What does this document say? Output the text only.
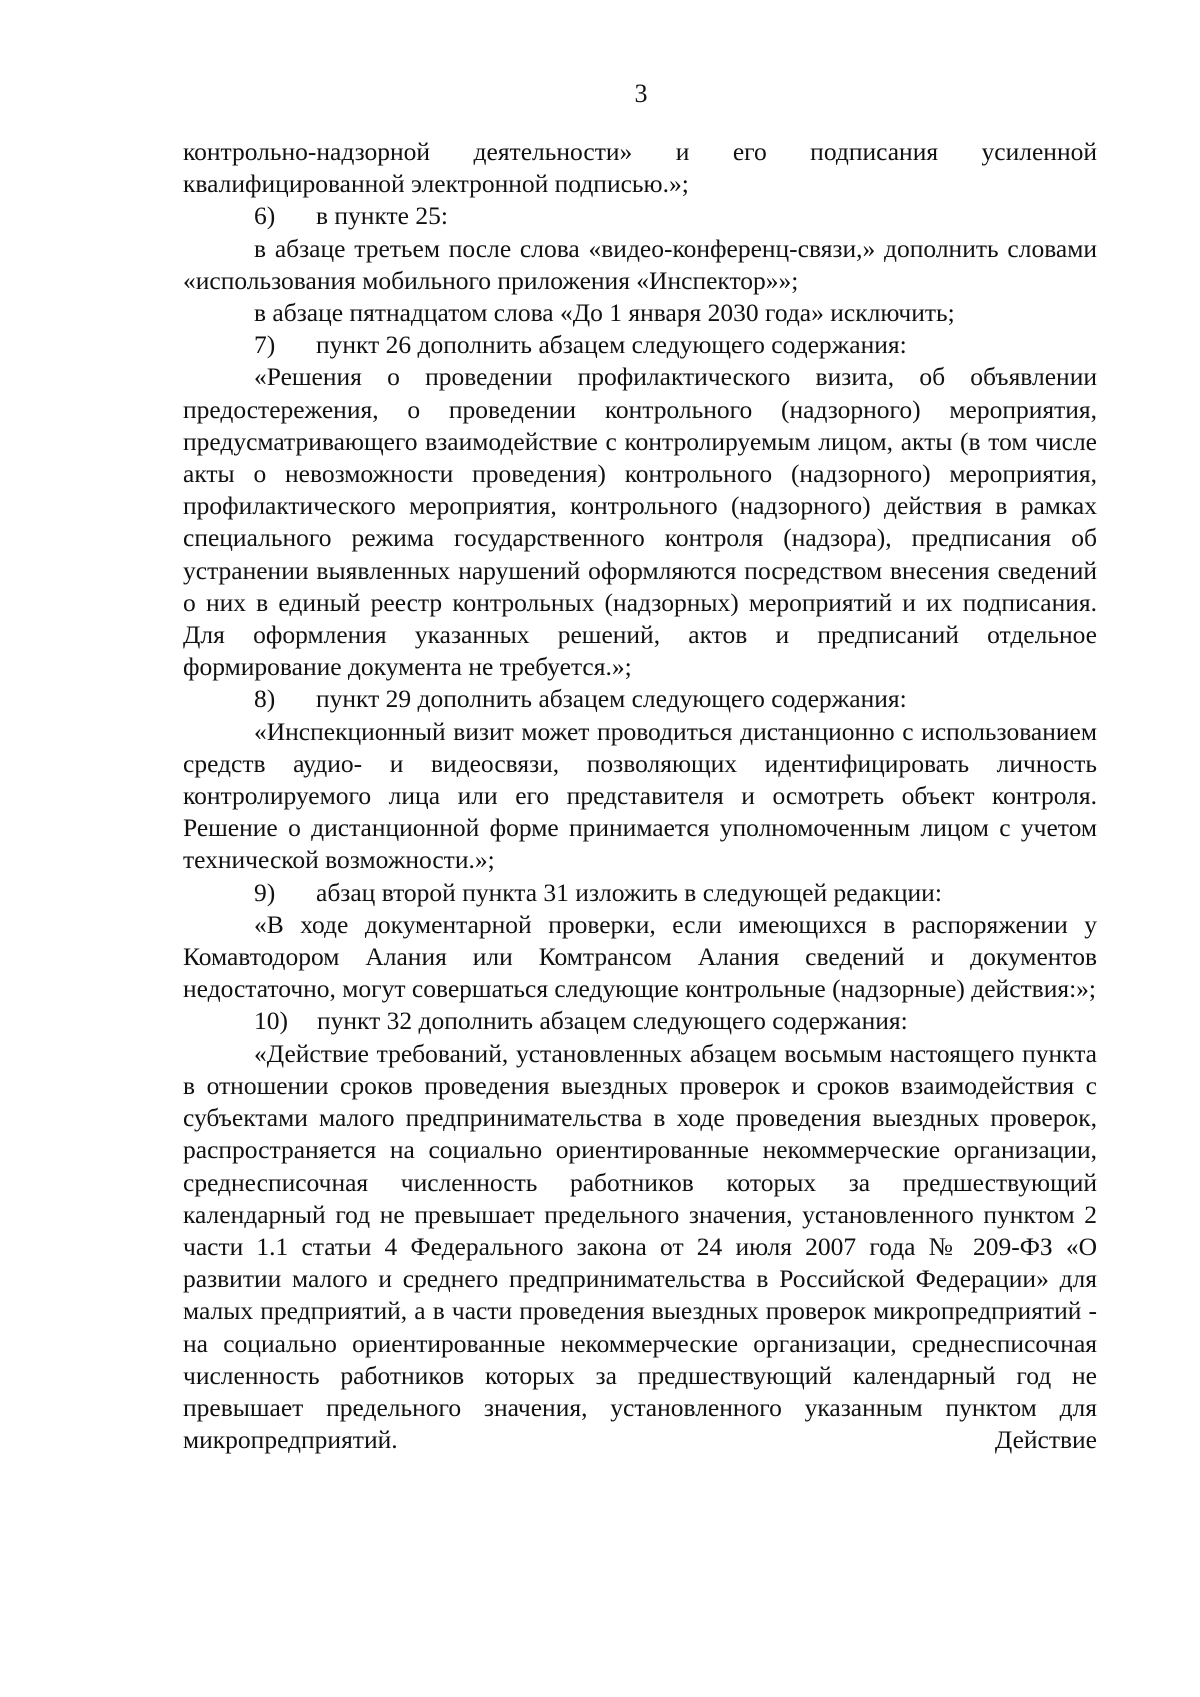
3

контрольно-надзорной деятельности» и его подписания усиленной квалифицированной электронной подписью.»;

6) в пункте 25:

в абзаце третьем после слова «видео-конференц-связи,» дополнить словами «использования мобильного приложения «Инспектор»»;

в абзаце пятнадцатом слова «До 1 января 2030 года» исключить;

7) пункт 26 дополнить абзацем следующего содержания:

«Решения о проведении профилактического визита, об объявлении предостережения, о проведении контрольного (надзорного) мероприятия, предусматривающего взаимодействие с контролируемым лицом, акты (в том числе акты о невозможности проведения) контрольного (надзорного) мероприятия, профилактического мероприятия, контрольного (надзорного) действия в рамках специального режима государственного контроля (надзора), предписания об устранении выявленных нарушений оформляются посредством внесения сведений о них в единый реестр контрольных (надзорных) мероприятий и их подписания. Для оформления указанных решений, актов и предписаний отдельное формирование документа не требуется.»;

8) пункт 29 дополнить абзацем следующего содержания:

«Инспекционный визит может проводиться дистанционно с использованием средств аудио- и видеосвязи, позволяющих идентифицировать личность контролируемого лица или его представителя и осмотреть объект контроля. Решение о дистанционной форме принимается уполномоченным лицом с учетом технической возможности.»;

9) абзац второй пункта 31 изложить в следующей редакции:

«В ходе документарной проверки, если имеющихся в распоряжении у Комавтодором Алания или Комтрансом Алания сведений и документов недостаточно, могут совершаться следующие контрольные (надзорные) действия:»;

10) пункт 32 дополнить абзацем следующего содержания:

«Действие требований, установленных абзацем восьмым настоящего пункта в отношении сроков проведения выездных проверок и сроков взаимодействия с субъектами малого предпринимательства в ходе проведения выездных проверок, распространяется на социально ориентированные некоммерческие организации, среднесписочная численность работников которых за предшествующий календарный год не превышает предельного значения, установленного пунктом 2 части 1.1 статьи 4 Федерального закона от 24 июля 2007 года № 209-ФЗ «О развитии малого и среднего предпринимательства в Российской Федерации» для малых предприятий, а в части проведения выездных проверок микропредприятий - на социально ориентированные некоммерческие организации, среднесписочная численность работников которых за предшествующий календарный год не превышает предельного значения, установленного указанным пунктом для микропредприятий. Действие
